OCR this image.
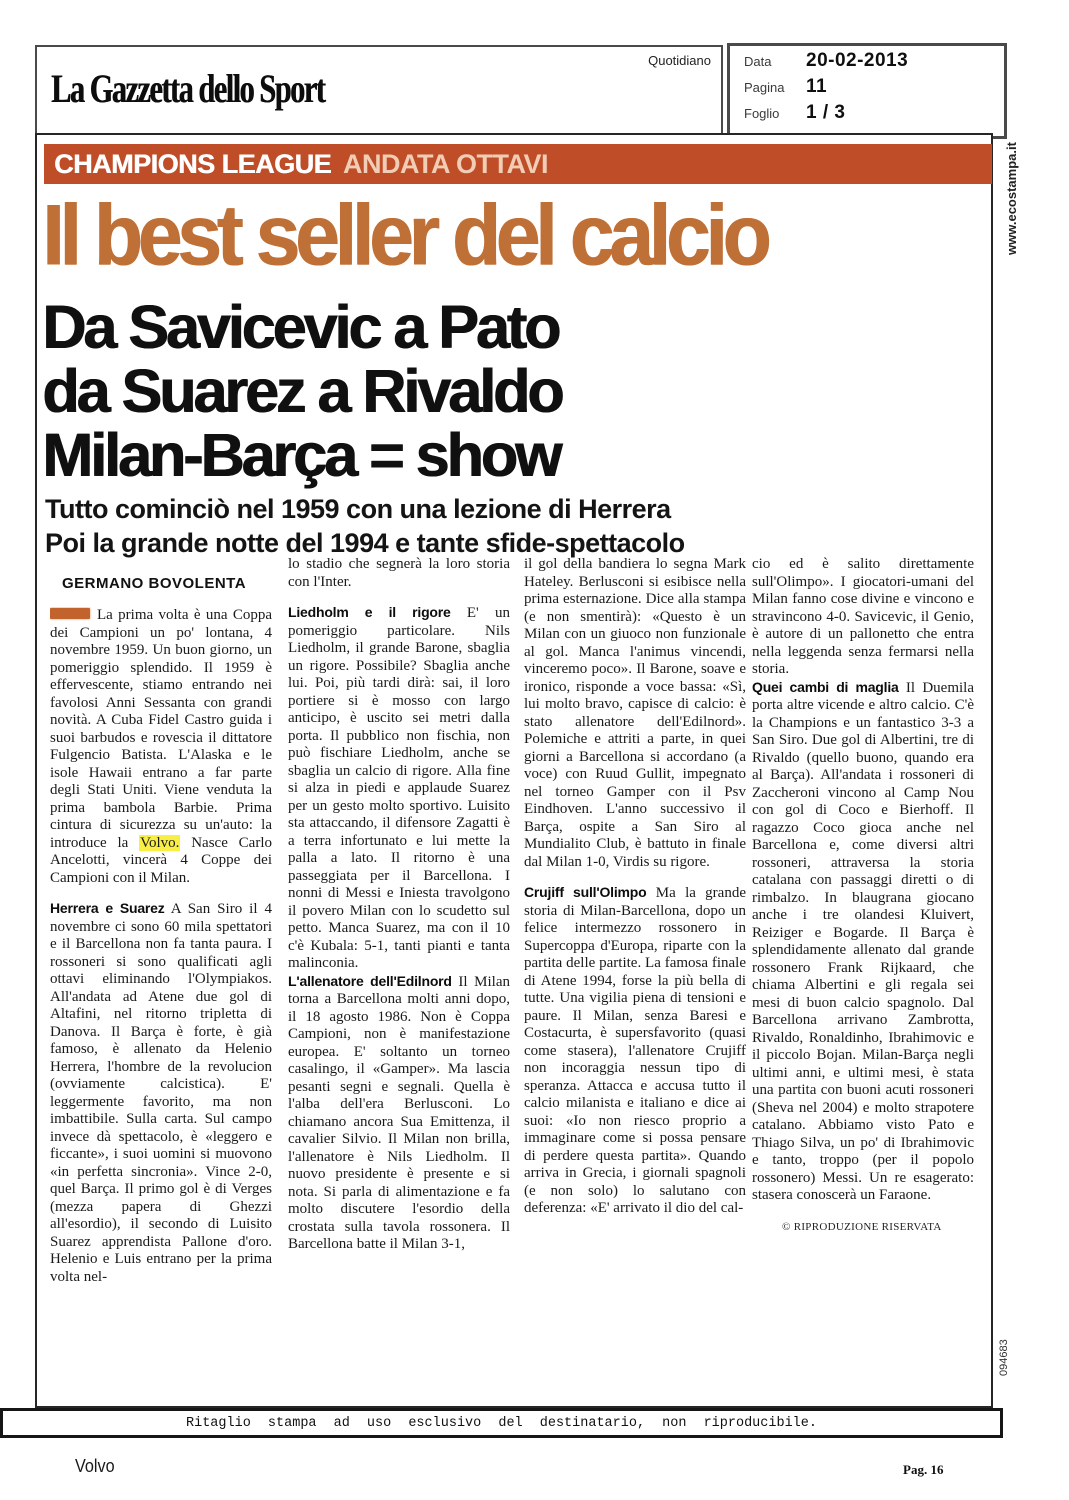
La Gazzetta dello Sport
Quotidiano	Data	20-02-2013
Pagina	11
Foglio	1 / 3
www.ecostampa.it
094683
CHAMPIONS LEAGUE ANDATA OTTAVI
Il best seller del calcio
Da Savicevic a Pato
da Suarez a Rivaldo
Milan-Barça = show
Tutto cominciò nel 1959 con una lezione di Herrera
Poi la grande notte del 1994 e tante sfide-spettacolo
GERMANO BOVOLENTA

La prima volta è una Coppa dei Campioni un po' lontana, 4 novembre 1959. Un buon giorno, un pomeriggio splendido. Il 1959 è effervescente, stiamo entrando nei favolosi Anni Sessanta con grandi novità. A Cuba Fidel Castro guida i suoi barbudos e rovescia il dittatore Fulgencio Batista. L'Alaska e le isole Hawaii entrano a far parte degli Stati Uniti. Viene venduta la prima bambola Barbie. Prima cintura di sicurezza su un'auto: la introduce la Volvo. Nasce Carlo Ancelotti, vincerà 4 Coppe dei Campioni con il Milan.

Herrera e Suarez A San Siro il 4 novembre ci sono 60 mila spettatori e il Barcellona non fa tanta paura. I rossoneri si sono qualificati agli ottavi eliminando l'Olympiakos. All'andata ad Atene due gol di Altafini, nel ritorno tripletta di Danova. Il Barça è forte, è già famoso, è allenato da Helenio Herrera, l'hombre de la revolucion (ovviamente calcistica). E' leggermente favorito, ma non imbattibile. Sulla carta. Sul campo invece dà spettacolo, è «leggero e ficcante», i suoi uomini si muovono «in perfetta sincronia». Vince 2-0, quel Barça. Il primo gol è di Verges (mezza papera di Ghezzi all'esordio), il secondo di Luisito Suarez apprendista Pallone d'oro. Helenio e Luis entrano per la prima volta nel-

lo stadio che segnerà la loro storia con l'Inter.

Liedholm e il rigore E' un pomeriggio particolare. Nils Liedholm, il grande Barone, sbaglia un rigore. Possibile? Sbaglia anche lui. Poi, più tardi dirà: sai, il loro portiere si è mosso con largo anticipo, è uscito sei metri dalla porta. Il pubblico non fischia, non può fischiare Liedholm, anche se sbaglia un calcio di rigore. Alla fine si alza in piedi e applaude Suarez per un gesto molto sportivo. Luisito sta attaccando, il difensore Zagatti è a terra infortunato e lui mette la palla a lato. Il ritorno è una passeggiata per il Barcellona. I nonni di Messi e Iniesta travolgono il povero Milan con lo scudetto sul petto. Manca Suarez, ma con il 10 c'è Kubala: 5-1, tanti pianti e tanta malinconia.

L'allenatore dell'Edilnord Il Milan torna a Barcellona molti anni dopo, il 18 agosto 1986. Non è Coppa Campioni, non è manifestazione europea. E' soltanto un torneo casalingo, il «Gamper». Ma lascia pesanti segni e segnali. Quella è l'alba dell'era Berlusconi. Lo chiamano ancora Sua Emittenza, il cavalier Silvio. Il Milan non brilla, l'allenatore è Nils Liedholm. Il nuovo presidente è presente e si nota. Si parla di alimentazione e fa molto discutere l'esordio della crostata sulla tavola rossonera. Il Barcellona batte il Milan 3-1,

il gol della bandiera lo segna Mark Hateley. Berlusconi si esibisce nella prima esternazione. Dice alla stampa (e non smentirà): «Questo è un Milan con un giuoco non funzionale al gol. Manca l'animus vincendi, vinceremo poco». Il Barone, soave e ironico, risponde a voce bassa: «Sì, lui molto bravo, capisce di calcio: è stato allenatore dell'Edilnord». Polemiche e attriti a parte, in quei giorni a Barcellona si accordano (a voce) con Ruud Gullit, impegnato nel torneo Gamper con il Psv Eindhoven. L'anno successivo il Barça, ospite a San Siro al Mundialito Club, è battuto in finale dal Milan 1-0, Virdis su rigore.

Crujiff sull'Olimpo Ma la grande storia di Milan-Barcellona, dopo un felice intermezzo rossonero in Supercoppa d'Europa, riparte con la partita delle partite. La famosa finale di Atene 1994, forse la più bella di tutte. Una vigilia piena di tensioni e paure. Il Milan, senza Baresi e Costacurta, è supersfavorito (quasi come stasera), l'allenatore Crujiff non incoraggia nessun tipo di speranza. Attacca e accusa tutto il calcio milanista e italiano e dice ai suoi: «Io non riesco proprio a immaginare come si possa pensare di perdere questa partita». Quando arriva in Grecia, i giornali spagnoli (e non solo) lo salutano con deferenza: «E' arrivato il dio del cal-

cio ed è salito direttamente sull'Olimpo». I giocatori-umani del Milan fanno cose divine e vincono e stravincono 4-0. Savicevic, il Genio, è autore di un pallonetto che entra nella leggenda senza fermarsi nella storia.

Quei cambi di maglia Il Duemila porta altre vicende e altro calcio. C'è la Champions e un fantastico 3-3 a San Siro. Due gol di Albertini, tre di Rivaldo (quello buono, quando era al Barça). All'andata i rossoneri di Zaccheroni vincono al Camp Nou con gol di Coco e Bierhoff. Il ragazzo Coco gioca anche nel Barcellona e, come diversi altri rossoneri, attraversa la storia catalana con passaggi diretti o di rimbalzo. In blaugrana giocano anche i tre olandesi Kluivert, Reiziger e Bogarde. Il Barça è splendidamente allenato dal grande rossonero Frank Rijkaard, che chiama Albertini e gli regala sei mesi di buon calcio spagnolo. Dal Barcellona arrivano Zambrotta, Rivaldo, Ronaldinho, Ibrahimovic e il piccolo Bojan. Milan-Barça negli ultimi anni, e ultimi mesi, è stata una partita con buoni acuti rossoneri (Sheva nel 2004) e molto strapotere catalano. Abbiamo visto Pato e Thiago Silva, un po' di Ibrahimovic e tanto, troppo (per il popolo rossonero) Messi. Un re esagerato: stasera conoscerà un Faraone.

© RIPRODUZIONE RISERVATA
Ritaglio stampa ad uso esclusivo del destinatario, non riproducibile.
Volvo	Pag. 16
